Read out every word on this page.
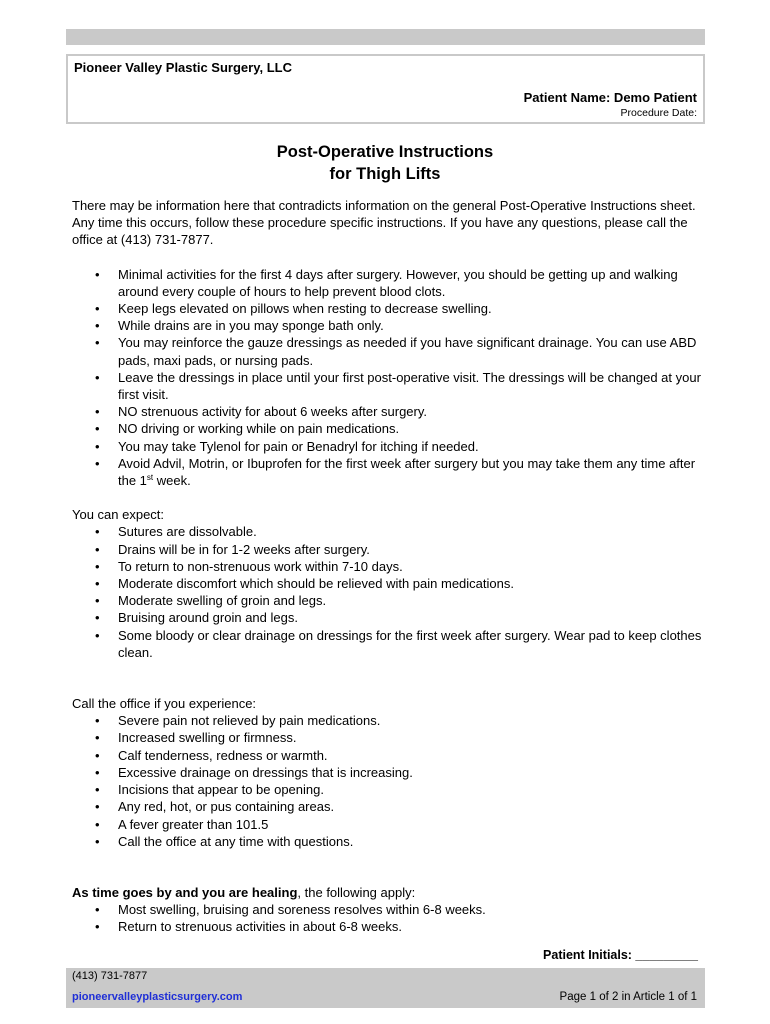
Pioneer Valley Plastic Surgery, LLC
Patient Name: Demo Patient
Procedure Date:
Post-Operative Instructions
for Thigh Lifts

There may be information here that contradicts information on the general Post-Operative Instructions sheet. Any time this occurs, follow these procedure specific instructions. If you have any questions, please call the office at (413) 731-7877.

• Minimal activities for the first 4 days after surgery. However, you should be getting up and walking around every couple of hours to help prevent blood clots.
• Keep legs elevated on pillows when resting to decrease swelling.
• While drains are in you may sponge bath only.
• You may reinforce the gauze dressings as needed if you have significant drainage. You can use ABD pads, maxi pads, or nursing pads.
• Leave the dressings in place until your first post-operative visit. The dressings will be changed at your first visit.
• NO strenuous activity for about 6 weeks after surgery.
• NO driving or working while on pain medications.
• You may take Tylenol for pain or Benadryl for itching if needed.
• Avoid Advil, Motrin, or Ibuprofen for the first week after surgery but you may take them any time after the 1st week.

You can expect:

• Sutures are dissolvable.
• Drains will be in for 1-2 weeks after surgery.
• To return to non-strenuous work within 7-10 days.
• Moderate discomfort which should be relieved with pain medications.
• Moderate swelling of groin and legs.
• Bruising around groin and legs.
• Some bloody or clear drainage on dressings for the first week after surgery. Wear pad to keep clothes clean.

Call the office if you experience:

• Severe pain not relieved by pain medications.
• Increased swelling or firmness.
• Calf tenderness, redness or warmth.
• Excessive drainage on dressings that is increasing.
• Incisions that appear to be opening.
• Any red, hot, or pus containing areas.
• A fever greater than 101.5
• Call the office at any time with questions.

As time goes by and you are healing, the following apply:

• Most swelling, bruising and soreness resolves within 6-8 weeks.
• Return to strenuous activities in about 6-8 weeks.
Patient Initials: _________
(413) 731-7877
pioneervalleyplasticsurgery.com	Page 1 of 2 in Article 1 of 1
